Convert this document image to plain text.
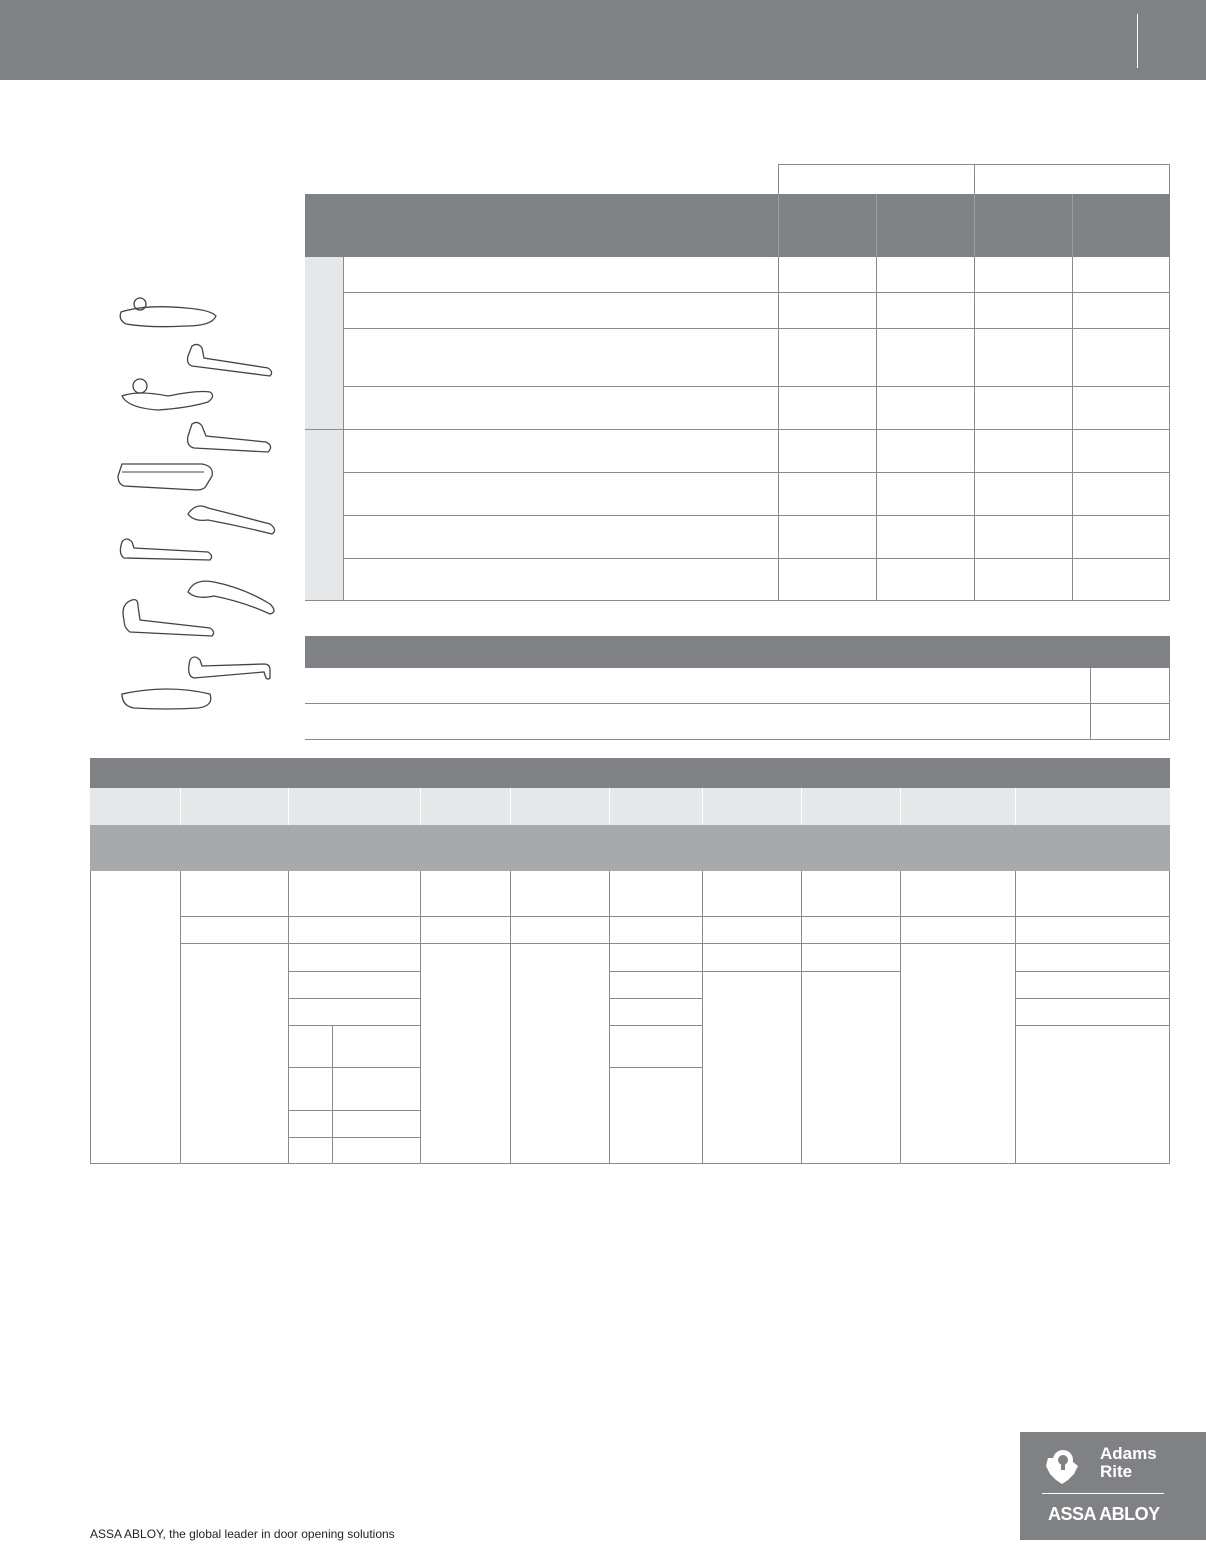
ASSA ABLOY, the global leader in door opening solutions
Adams
Rite
ASSA ABLOY
